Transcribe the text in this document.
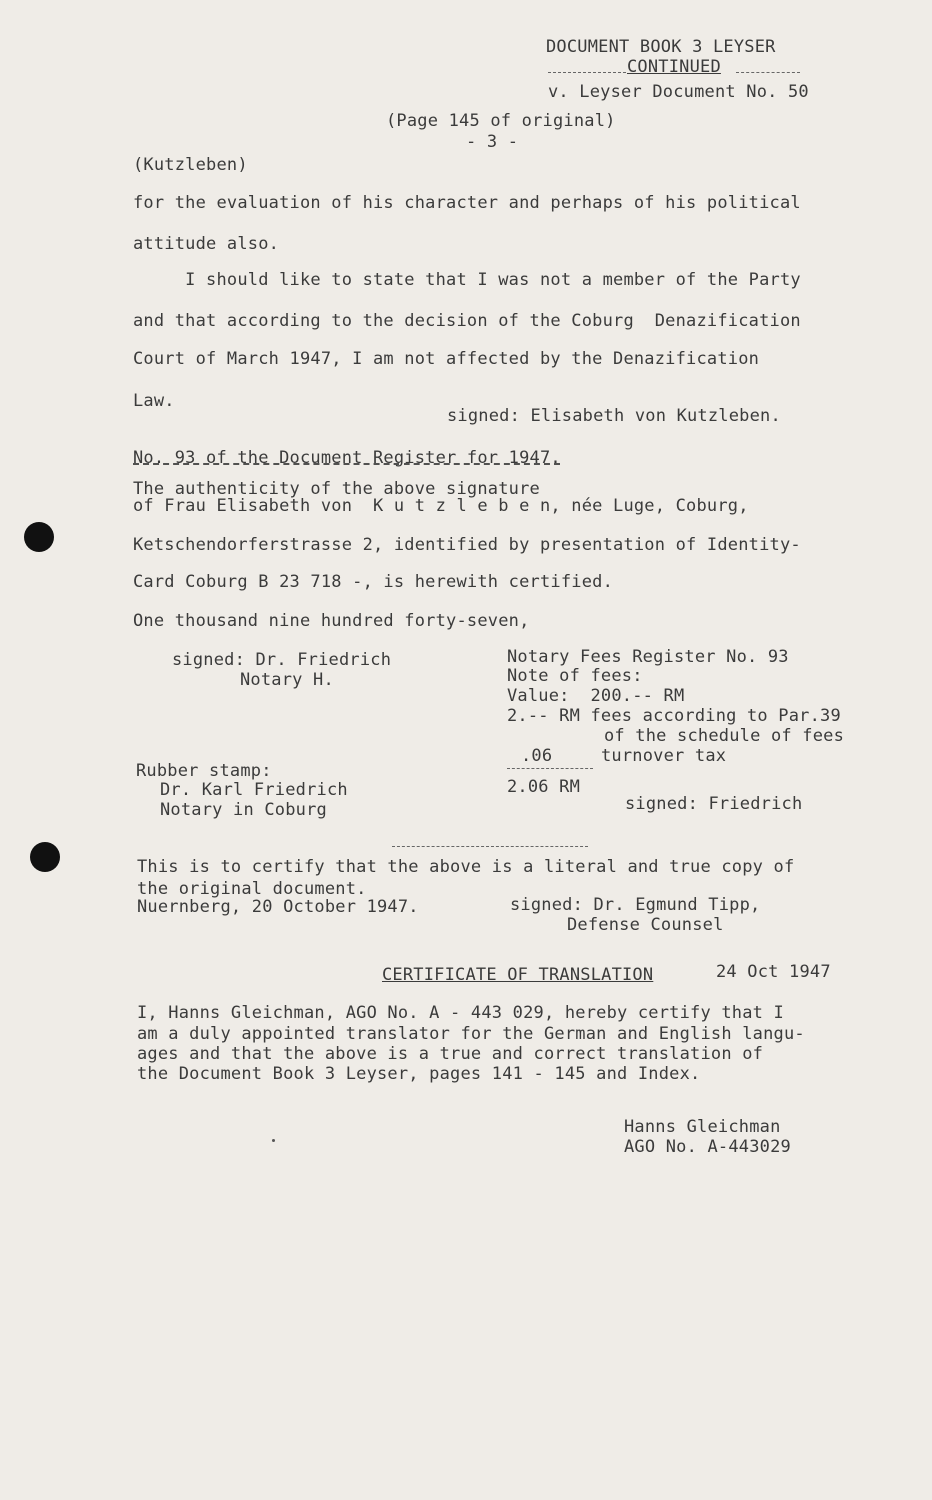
DOCUMENT BOOK 3 LEYSER
CONTINUED
v. Leyser Document No. 50
(Page 145 of original)
- 3 -
(Kutzleben)
for the evaluation of his character and perhaps of his political
attitude also.
I should like to state that I was not a member of the Party
and that according to the decision of the Coburg  Denazification
Court of March 1947, I am not affected by the Denazification
Law.
signed: Elisabeth von Kutzleben.
No. 93 of the Document Register for 1947.
The authenticity of the above signature
of Frau Elisabeth von  K u t z l e b e n, née Luge, Coburg,
Ketschendorferstrasse 2, identified by presentation of Identity-
Card Coburg B 23 718 -, is herewith certified.
One thousand nine hundred forty-seven,
signed: Dr. Friedrich
Notary H.
Rubber stamp:
Dr. Karl Friedrich
Notary in Coburg
Notary Fees Register No. 93
Note of fees:
Value:  200.-- RM
2.-- RM fees according to Par.39
of the schedule of fees
.06	turnover tax
2.06 RM
signed: Friedrich
This is to certify that the above is a literal and true copy of
the original document.
Nuernberg, 20 October 1947.	signed: Dr. Egmund Tipp,
Defense Counsel
CERTIFICATE OF TRANSLATION	24 Oct 1947
I, Hanns Gleichman, AGO No. A - 443 029, hereby certify that I
am a duly appointed translator for the German and English langu-
ages and that the above is a true and correct translation of
the Document Book 3 Leyser, pages 141 - 145 and Index.
Hanns Gleichman
AGO No. A-443029
